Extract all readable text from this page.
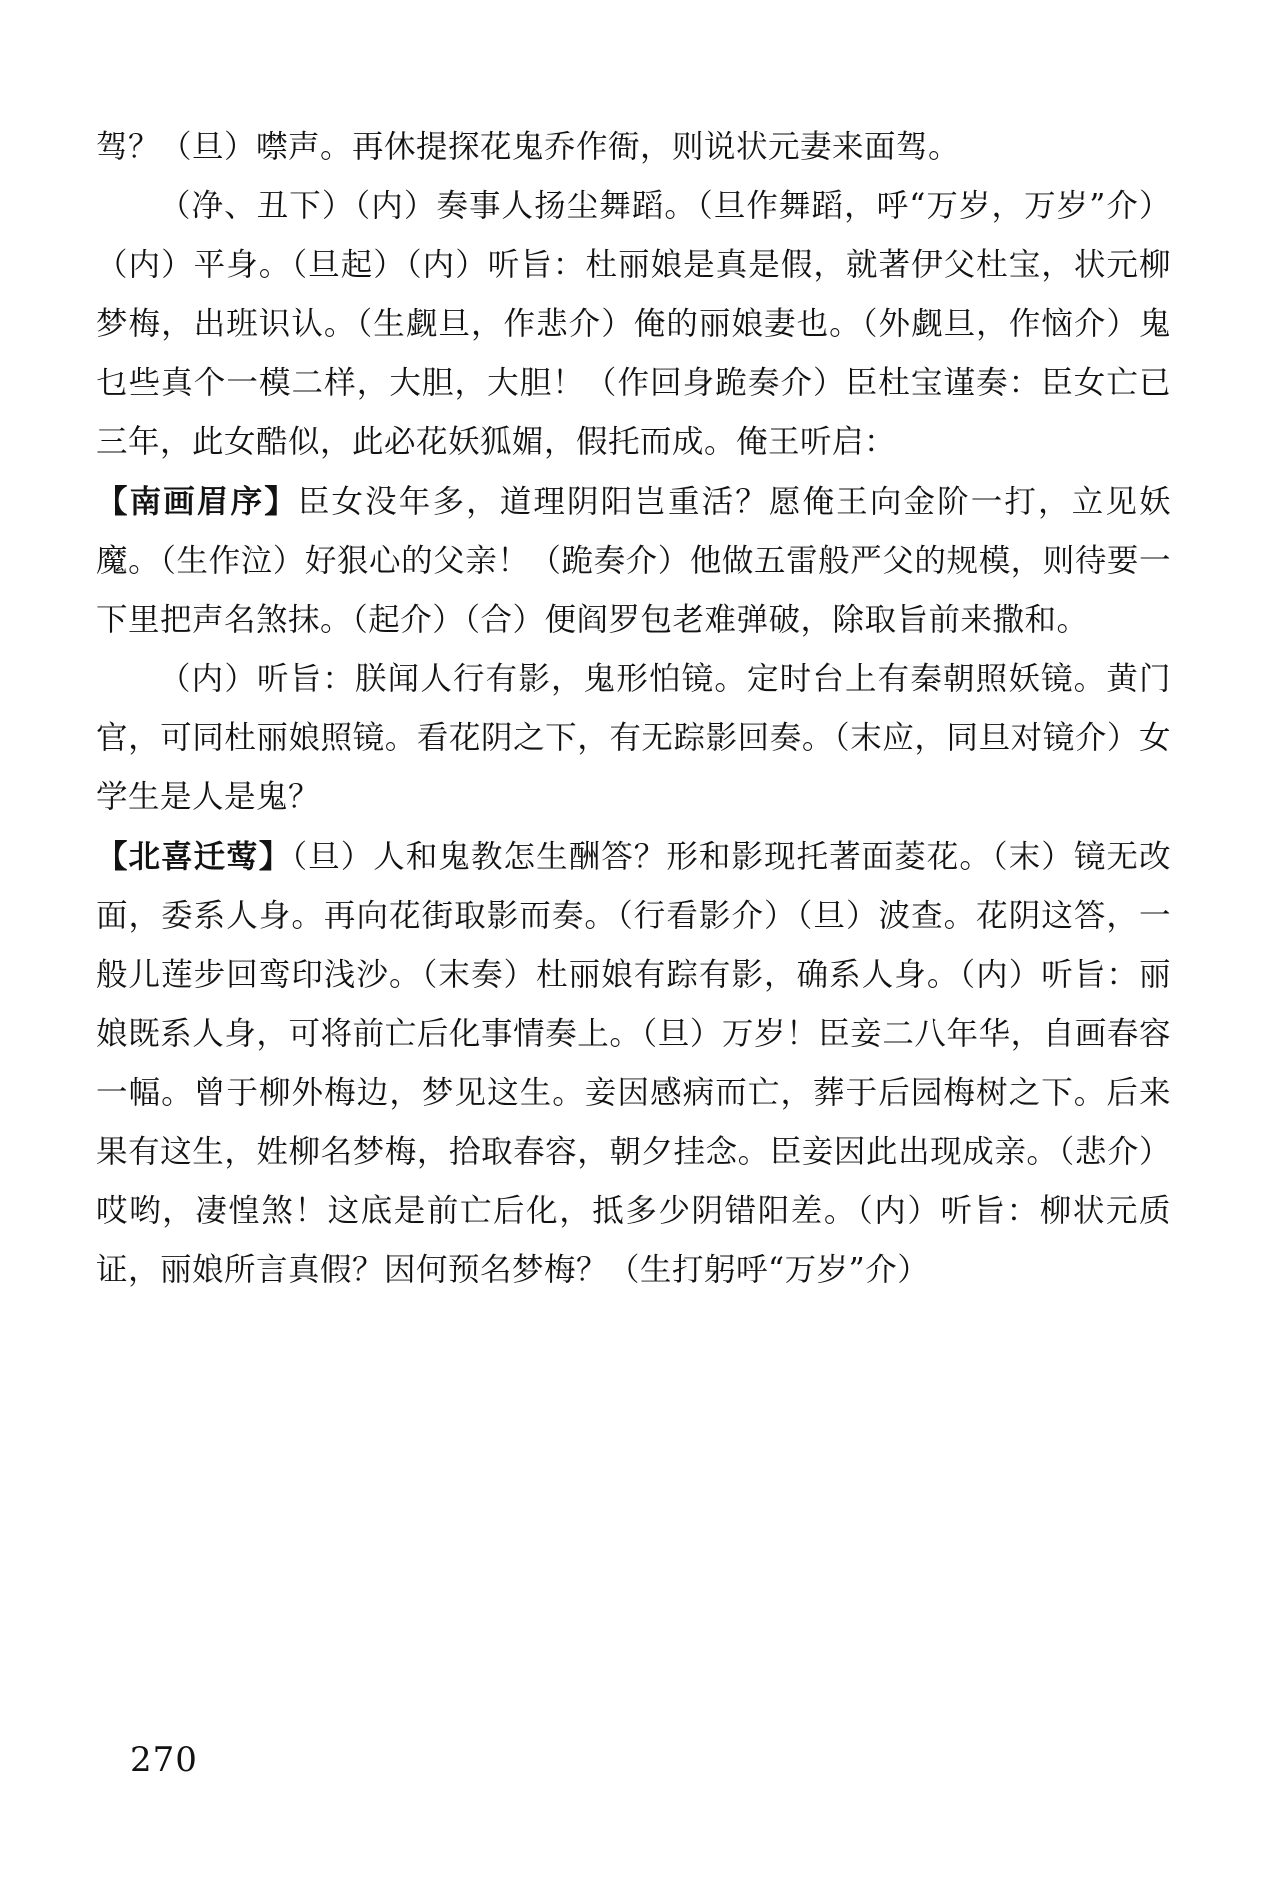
驾？（旦）噤声。再休提探花鬼乔作衙，则说状元妻来面驾。

（净、丑下）（内）奏事人扬尘舞蹈。（旦作舞蹈，呼“万岁，万岁”介）（内）平身。（旦起）（内）听旨：杜丽娘是真是假，就著伊父杜宝，状元柳梦梅，出班识认。（生觑旦，作悲介）俺的丽娘妻也。（外觑旦，作恼介）鬼乜些真个一模二样，大胆，大胆！（作回身跪奏介）臣杜宝谨奏：臣女亡已三年，此女酷似，此必花妖狐媚，假托而成。俺王听启：

【南画眉序】臣女没年多，道理阴阳岂重活？愿俺王向金阶一打，立见妖魔。（生作泣）好狠心的父亲！（跪奏介）他做五雷般严父的规模，则待要一下里把声名煞抹。（起介）（合）便阎罗包老难弹破，除取旨前来撒和。

（内）听旨：朕闻人行有影，鬼形怕镜。定时台上有秦朝照妖镜。黄门官，可同杜丽娘照镜。看花阴之下，有无踪影回奏。（末应，同旦对镜介）女学生是人是鬼？

【北喜迁莺】（旦）人和鬼教怎生酬答？形和影现托著面菱花。（末）镜无改面，委系人身。再向花街取影而奏。（行看影介）（旦）波查。花阴这答，一般儿莲步回鸾印浅沙。（末奏）杜丽娘有踪有影，确系人身。（内）听旨：丽娘既系人身，可将前亡后化事情奏上。（旦）万岁！臣妾二八年华，自画春容一幅。曾于柳外梅边，梦见这生。妾因感病而亡，葬于后园梅树之下。后来果有这生，姓柳名梦梅，拾取春容，朝夕挂念。臣妾因此出现成亲。（悲介）哎哟，凄惶煞！这底是前亡后化，抵多少阴错阳差。（内）听旨：柳状元质证，丽娘所言真假？因何预名梦梅？（生打躬呼“万岁”介）

270
